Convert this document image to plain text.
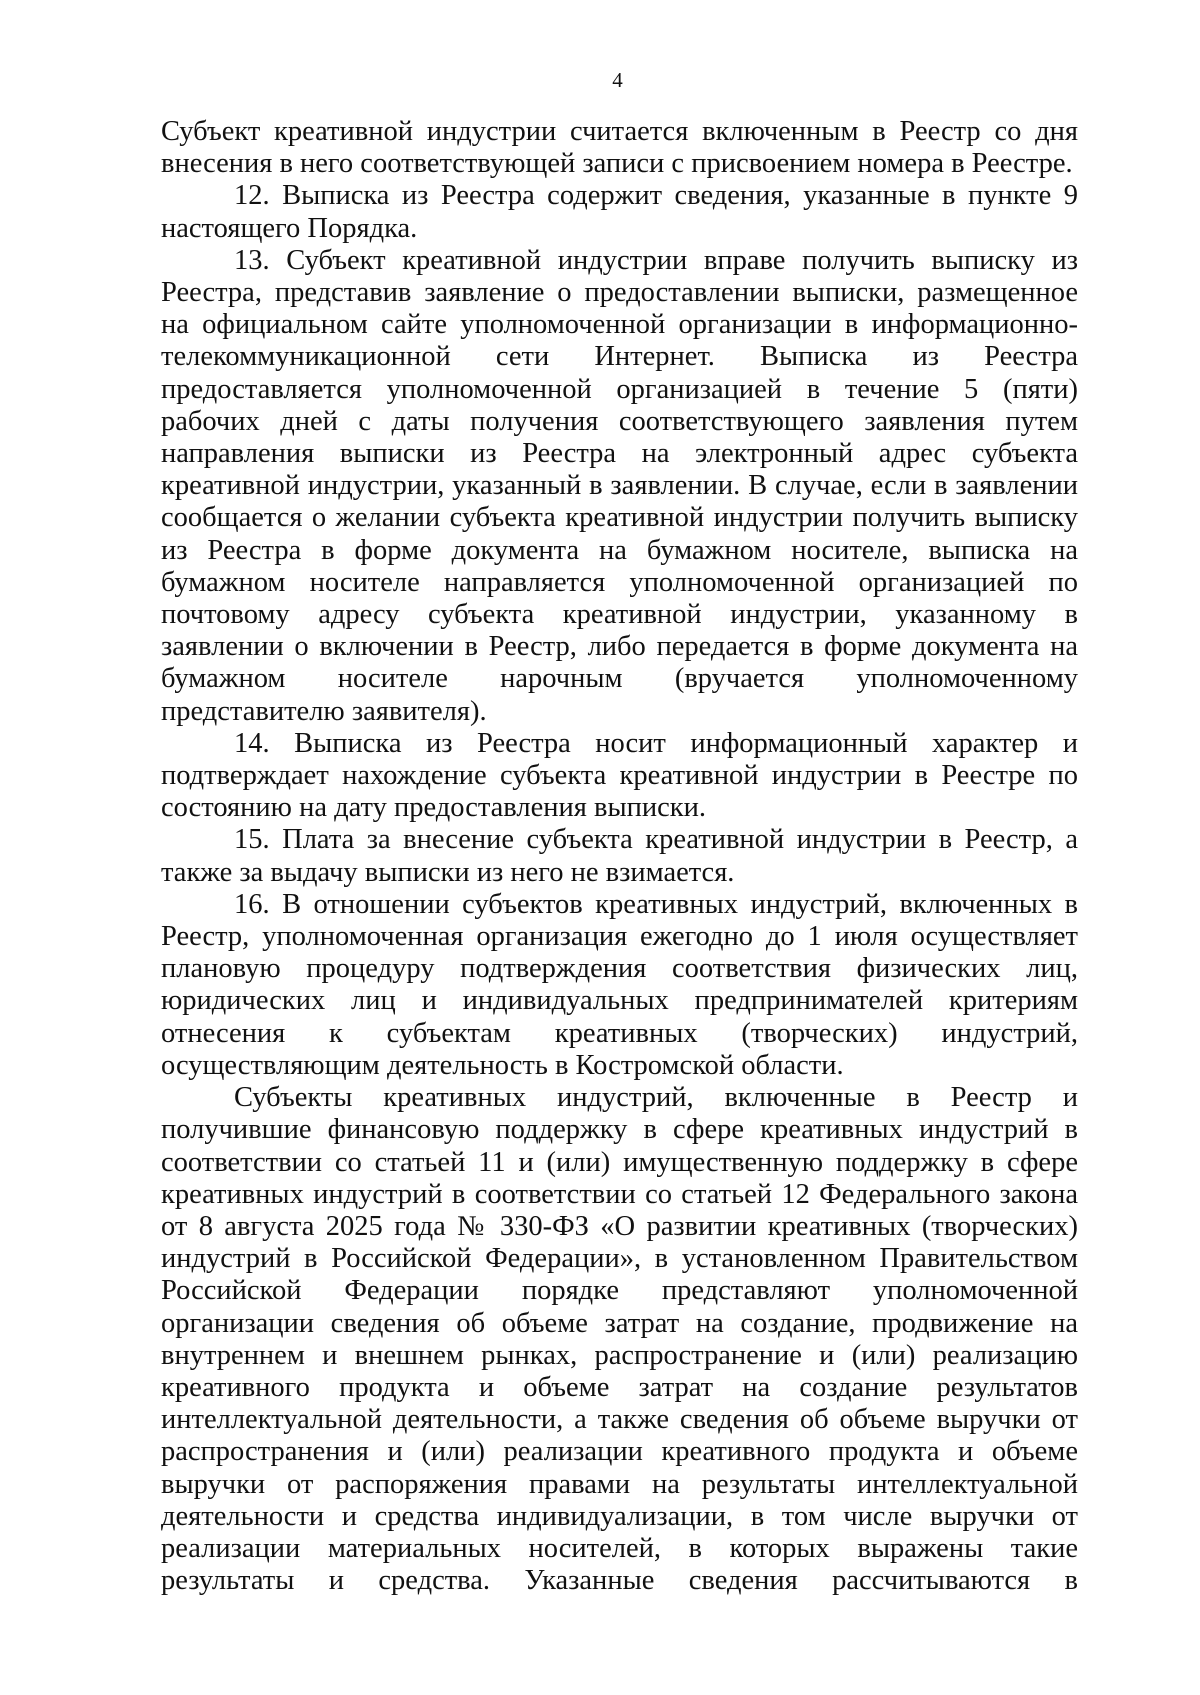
4

Субъект креативной индустрии считается включенным в Реестр со дня внесения в него соответствующей записи с присвоением номера в Реестре.

12. Выписка из Реестра содержит сведения, указанные в пункте 9 настоящего Порядка.

13. Субъект креативной индустрии вправе получить выписку из Реестра, представив заявление о предоставлении выписки, размещенное на официальном сайте уполномоченной организации в информационно-телекоммуникационной сети Интернет. Выписка из Реестра предоставляется уполномоченной организацией в течение 5 (пяти) рабочих дней с даты получения соответствующего заявления путем направления выписки из Реестра на электронный адрес субъекта креативной индустрии, указанный в заявлении. В случае, если в заявлении сообщается о желании субъекта креативной индустрии получить выписку из Реестра в форме документа на бумажном носителе, выписка на бумажном носителе направляется уполномоченной организацией по почтовому адресу субъекта креативной индустрии, указанному в заявлении о включении в Реестр, либо передается в форме документа на бумажном носителе нарочным (вручается уполномоченному представителю заявителя).

14. Выписка из Реестра носит информационный характер и подтверждает нахождение субъекта креативной индустрии в Реестре по состоянию на дату предоставления выписки.

15. Плата за внесение субъекта креативной индустрии в Реестр, а также за выдачу выписки из него не взимается.

16. В отношении субъектов креативных индустрий, включенных в Реестр, уполномоченная организация ежегодно до 1 июля осуществляет плановую процедуру подтверждения соответствия физических лиц, юридических лиц и индивидуальных предпринимателей критериям отнесения к субъектам креативных (творческих) индустрий, осуществляющим деятельность в Костромской области.

Субъекты креативных индустрий, включенные в Реестр и получившие финансовую поддержку в сфере креативных индустрий в соответствии со статьей 11 и (или) имущественную поддержку в сфере креативных индустрий в соответствии со статьей 12 Федерального закона от 8 августа 2025 года № 330-ФЗ «О развитии креативных (творческих) индустрий в Российской Федерации», в установленном Правительством Российской Федерации порядке представляют уполномоченной организации сведения об объеме затрат на создание, продвижение на внутреннем и внешнем рынках, распространение и (или) реализацию креативного продукта и объеме затрат на создание результатов интеллектуальной деятельности, а также сведения об объеме выручки от распространения и (или) реализации креативного продукта и объеме выручки от распоряжения правами на результаты интеллектуальной деятельности и средства индивидуализации, в том числе выручки от реализации материальных носителей, в которых выражены такие результаты и средства. Указанные сведения рассчитываются в
